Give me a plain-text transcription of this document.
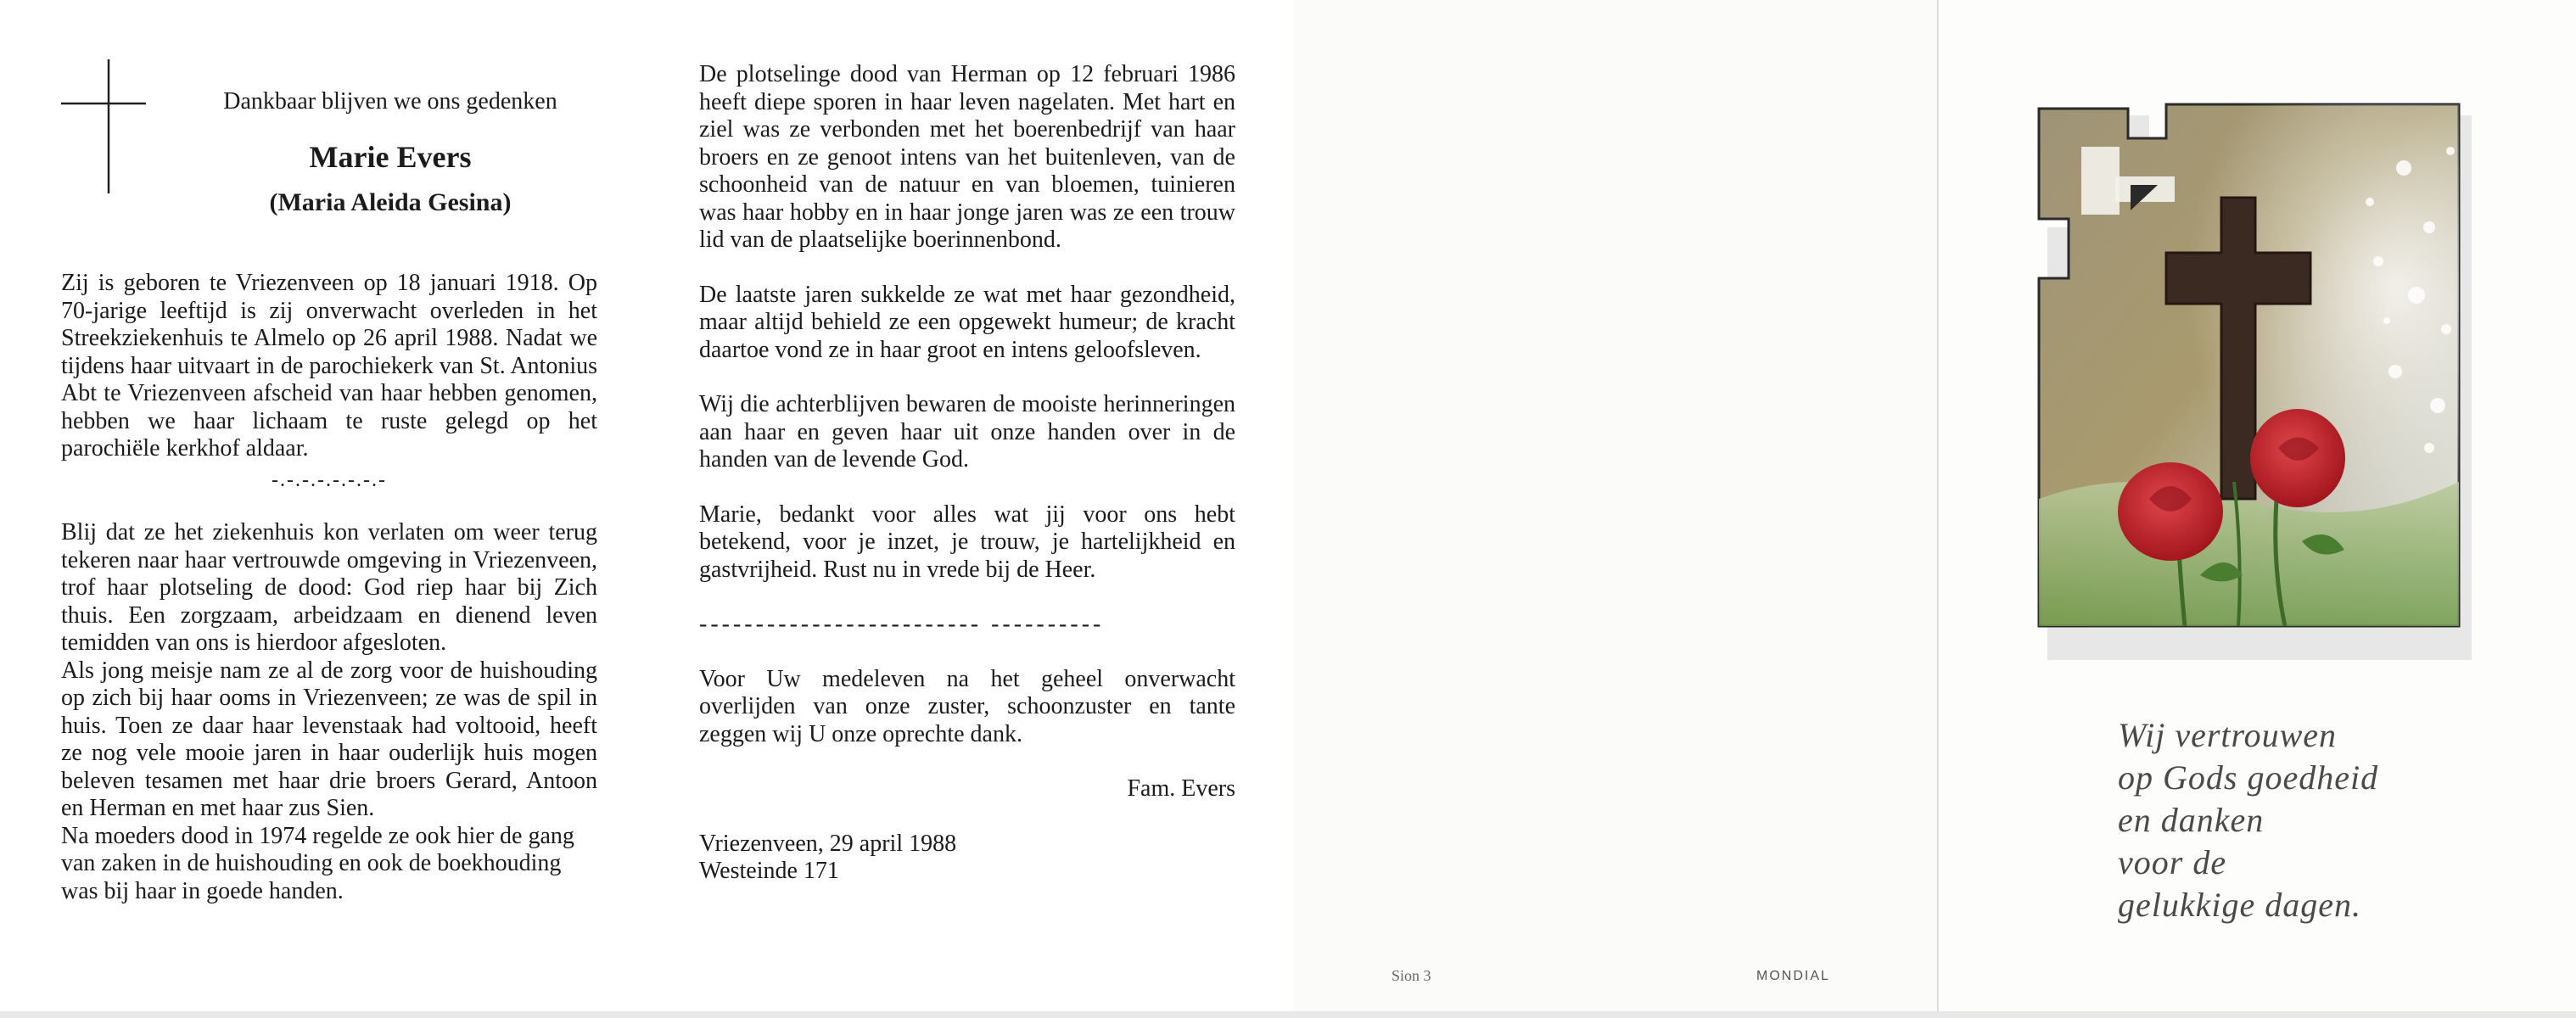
Dankbaar blijven we ons gedenken
Marie Evers
(Maria Aleida Gesina)

Zij is geboren te Vriezenveen op 18 januari 1918. Op 70-jarige leeftijd is zij onverwacht overleden in het Streekziekenhuis te Almelo op 26 april 1988. Nadat we tijdens haar uitvaart in de parochiekerk van St. Antonius Abt te Vriezenveen afscheid van haar hebben genomen, hebben we haar lichaam te ruste gelegd op het parochiële kerkhof aldaar.

-.-.-.-.-.-.-.-

Blij dat ze het ziekenhuis kon verlaten om weer terug tekeren naar haar vertrouwde omgeving in Vriezenveen, trof haar plotseling de dood: God riep haar bij Zich thuis. Een zorgzaam, arbeidzaam en dienend leven temidden van ons is hierdoor afgesloten.

Als jong meisje nam ze al de zorg voor de huishouding op zich bij haar ooms in Vriezenveen; ze was de spil in huis. Toen ze daar haar levenstaak had voltooid, heeft ze nog vele mooie jaren in haar ouderlijk huis mogen beleven tesamen met haar drie broers Gerard, Antoon en Herman en met haar zus Sien.

Na moeders dood in 1974 regelde ze ook hier de gang van zaken in de huishouding en ook de boekhouding was bij haar in goede handen.

De plotselinge dood van Herman op 12 februari 1986 heeft diepe sporen in haar leven nagelaten. Met hart en ziel was ze verbonden met het boerenbedrijf van haar broers en ze genoot intens van het buitenleven, van de schoonheid van de natuur en van bloemen, tuinieren was haar hobby en in haar jonge jaren was ze een trouw lid van de plaatselijke boerinnenbond.

De laatste jaren sukkelde ze wat met haar gezondheid, maar altijd behield ze een opgewekt humeur; de kracht daartoe vond ze in haar groot en intens geloofsleven.

Wij die achterblijven bewaren de mooiste herinneringen aan haar en geven haar uit onze handen over in de handen van de levende God.

Marie, bedankt voor alles wat jij voor ons hebt betekend, voor je inzet, je trouw, je hartelijkheid en gastvrijheid. Rust nu in vrede bij de Heer.

------------------------- ----------

Voor Uw medeleven na het geheel onverwacht overlijden van onze zuster, schoonzuster en tante zeggen wij U onze oprechte dank.

Fam. Evers

Vriezenveen, 29 april 1988

Westeinde 171

Sion 3	MONDIAL
Wij vertrouwen
op Gods goedheid
en danken
voor de
gelukkige dagen.
